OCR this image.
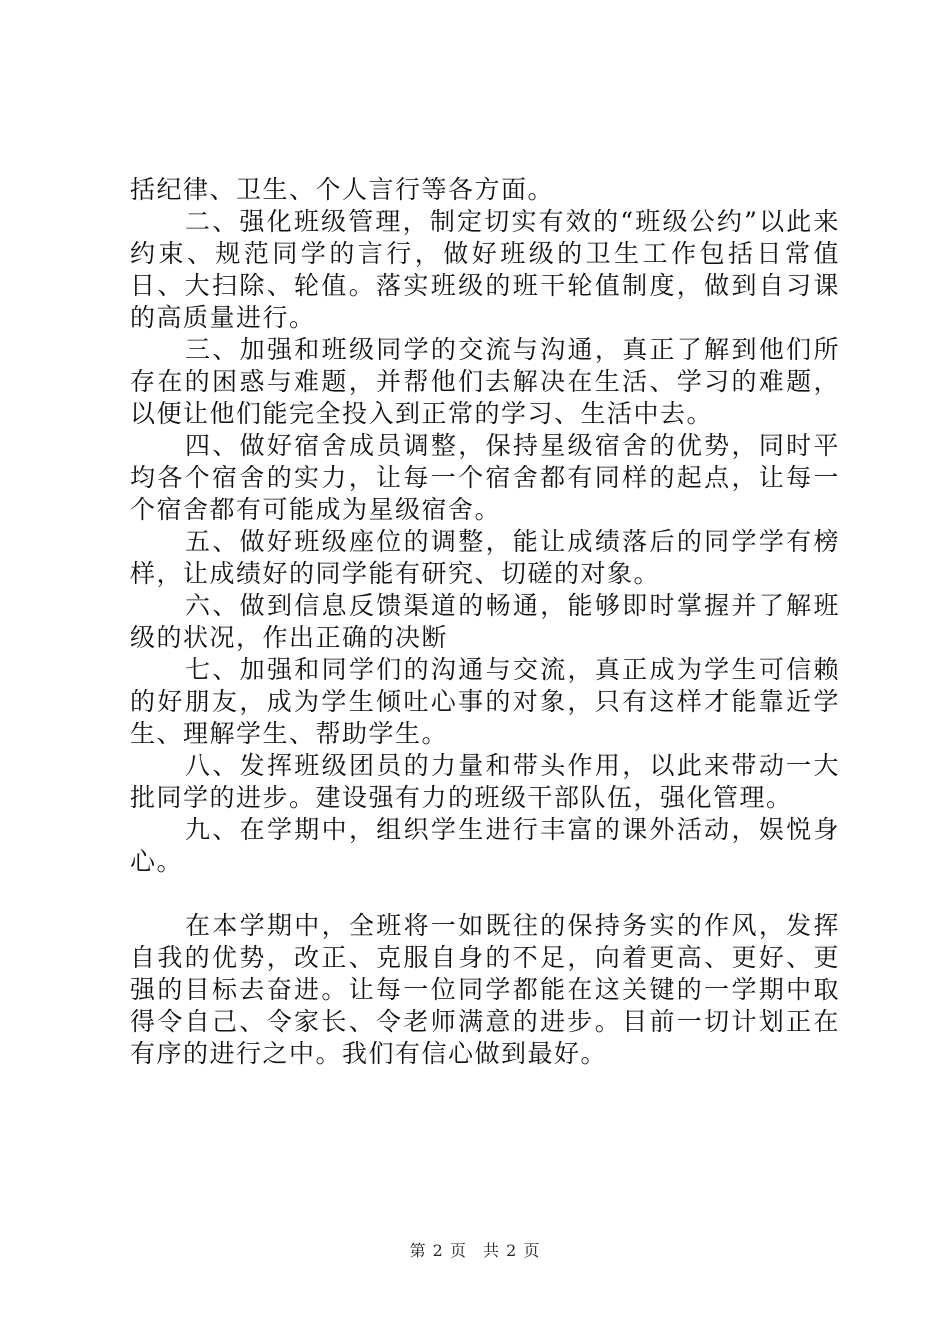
括纪律、卫生、个人言行等各方面。

二、强化班级管理，制定切实有效的“班级公约”以此来约束、规范同学的言行，做好班级的卫生工作包括日常值日、大扫除、轮值。落实班级的班干轮值制度，做到自习课的高质量进行。

三、加强和班级同学的交流与沟通，真正了解到他们所存在的困惑与难题，并帮他们去解决在生活、学习的难题，以便让他们能完全投入到正常的学习、生活中去。

四、做好宿舍成员调整，保持星级宿舍的优势，同时平均各个宿舍的实力，让每一个宿舍都有同样的起点，让每一个宿舍都有可能成为星级宿舍。

五、做好班级座位的调整，能让成绩落后的同学学有榜样，让成绩好的同学能有研究、切磋的对象。

六、做到信息反馈渠道的畅通，能够即时掌握并了解班级的状况，作出正确的决断

七、加强和同学们的沟通与交流，真正成为学生可信赖的好朋友，成为学生倾吐心事的对象，只有这样才能靠近学生、理解学生、帮助学生。

八、发挥班级团员的力量和带头作用，以此来带动一大批同学的进步。建设强有力的班级干部队伍，强化管理。

九、在学期中，组织学生进行丰富的课外活动，娱悦身心。

在本学期中，全班将一如既往的保持务实的作风，发挥自我的优势，改正、克服自身的不足，向着更高、更好、更强的目标去奋进。让每一位同学都能在这关键的一学期中取得令自己、令家长、令老师满意的进步。目前一切计划正在有序的进行之中。我们有信心做到最好。

第 2 页 共 2 页
